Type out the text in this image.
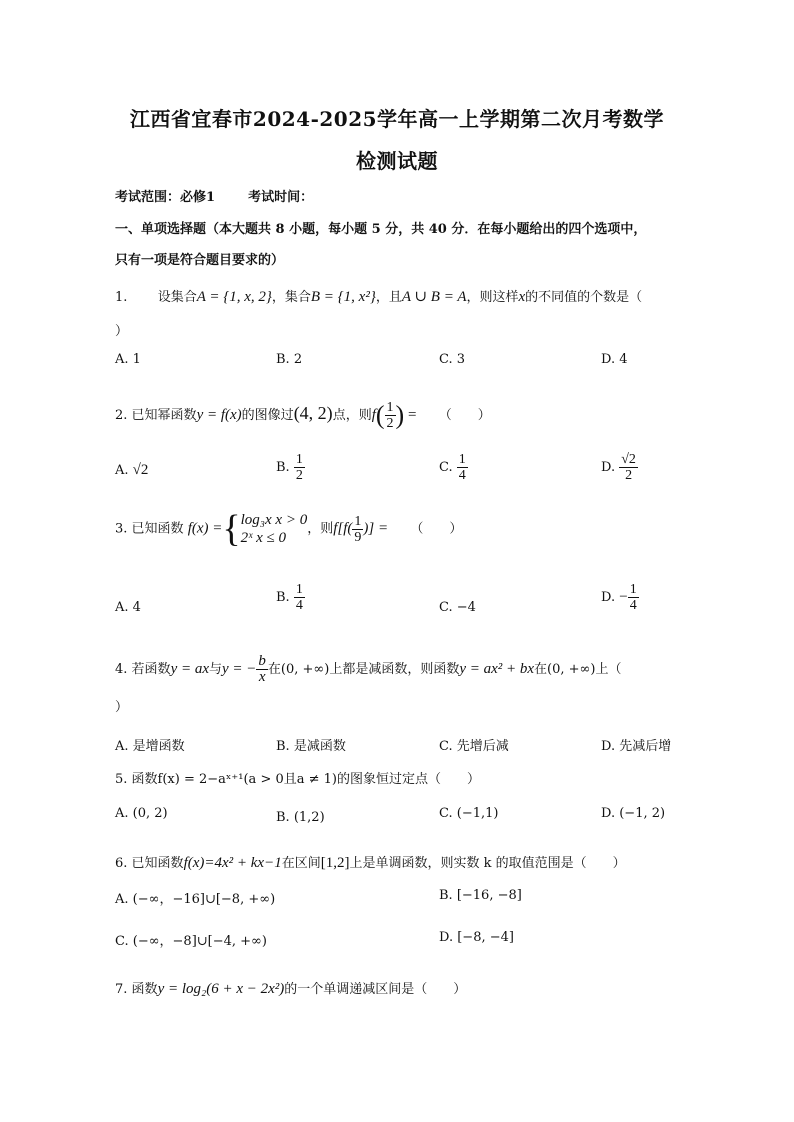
江西省宜春市2024-2025学年高一上学期第二次月考数学
检测试题
考试范围：必修1	考试时间：
一、单项选择题（本大题共 8 小题，每小题 5 分，共 40 分．在每小题给出的四个选项中，
只有一项是符合题目要求的）
1. 设集合A = {1, x, 2}，集合B = {1, x²}，且A ∪ B = A，则这样x的不同值的个数是（
）
A. 1	B. 2	C. 3	D. 4
2. 已知幂函数y = f(x)的图像过(4, 2)点，则$f( \frac{1}{2}$ ) = （　　）
A. √2	B. $\frac{1}{2}$	C. $\frac{1}{4}$	D. $\frac{√2}{2}$
3. 已知函数 f(x) ={ log₃x x > 0
2ˣ x ≤ 0
，则$f[f( \frac{1}{9}$ )] = （　　）
A. 4
B. $\frac{1}{4}$	C. −4
D. − $\frac{1}{4}$
4. 若函数y = ax与y = − $\frac{b}{x}$ 在(0, +∞)上都是减函数，则函数y = ax² + bx在(0, +∞)上（
）
A. 是增函数	B. 是减函数	C. 先增后减	D. 先减后增
5. 函数f(x) = 2−aˣ⁺¹(a > 0且a ≠ 1)的图象恒过定点（　　）
A. (0, 2)	B. (1,2)	C. (−1,1)	D. (−1, 2)
6. 已知函数f(x)=4x² + kx−1在区间[1,2]上是单调函数，则实数 k 的取值范围是（　　）
A. (−∞，−16]∪[−8, +∞)	B. [−16, −8]
C. (−∞，−8]∪[−4, +∞)	D. [−8, −4]
7. 函数y = log₂(6 + x − 2x²)的一个单调递减区间是（　　）
